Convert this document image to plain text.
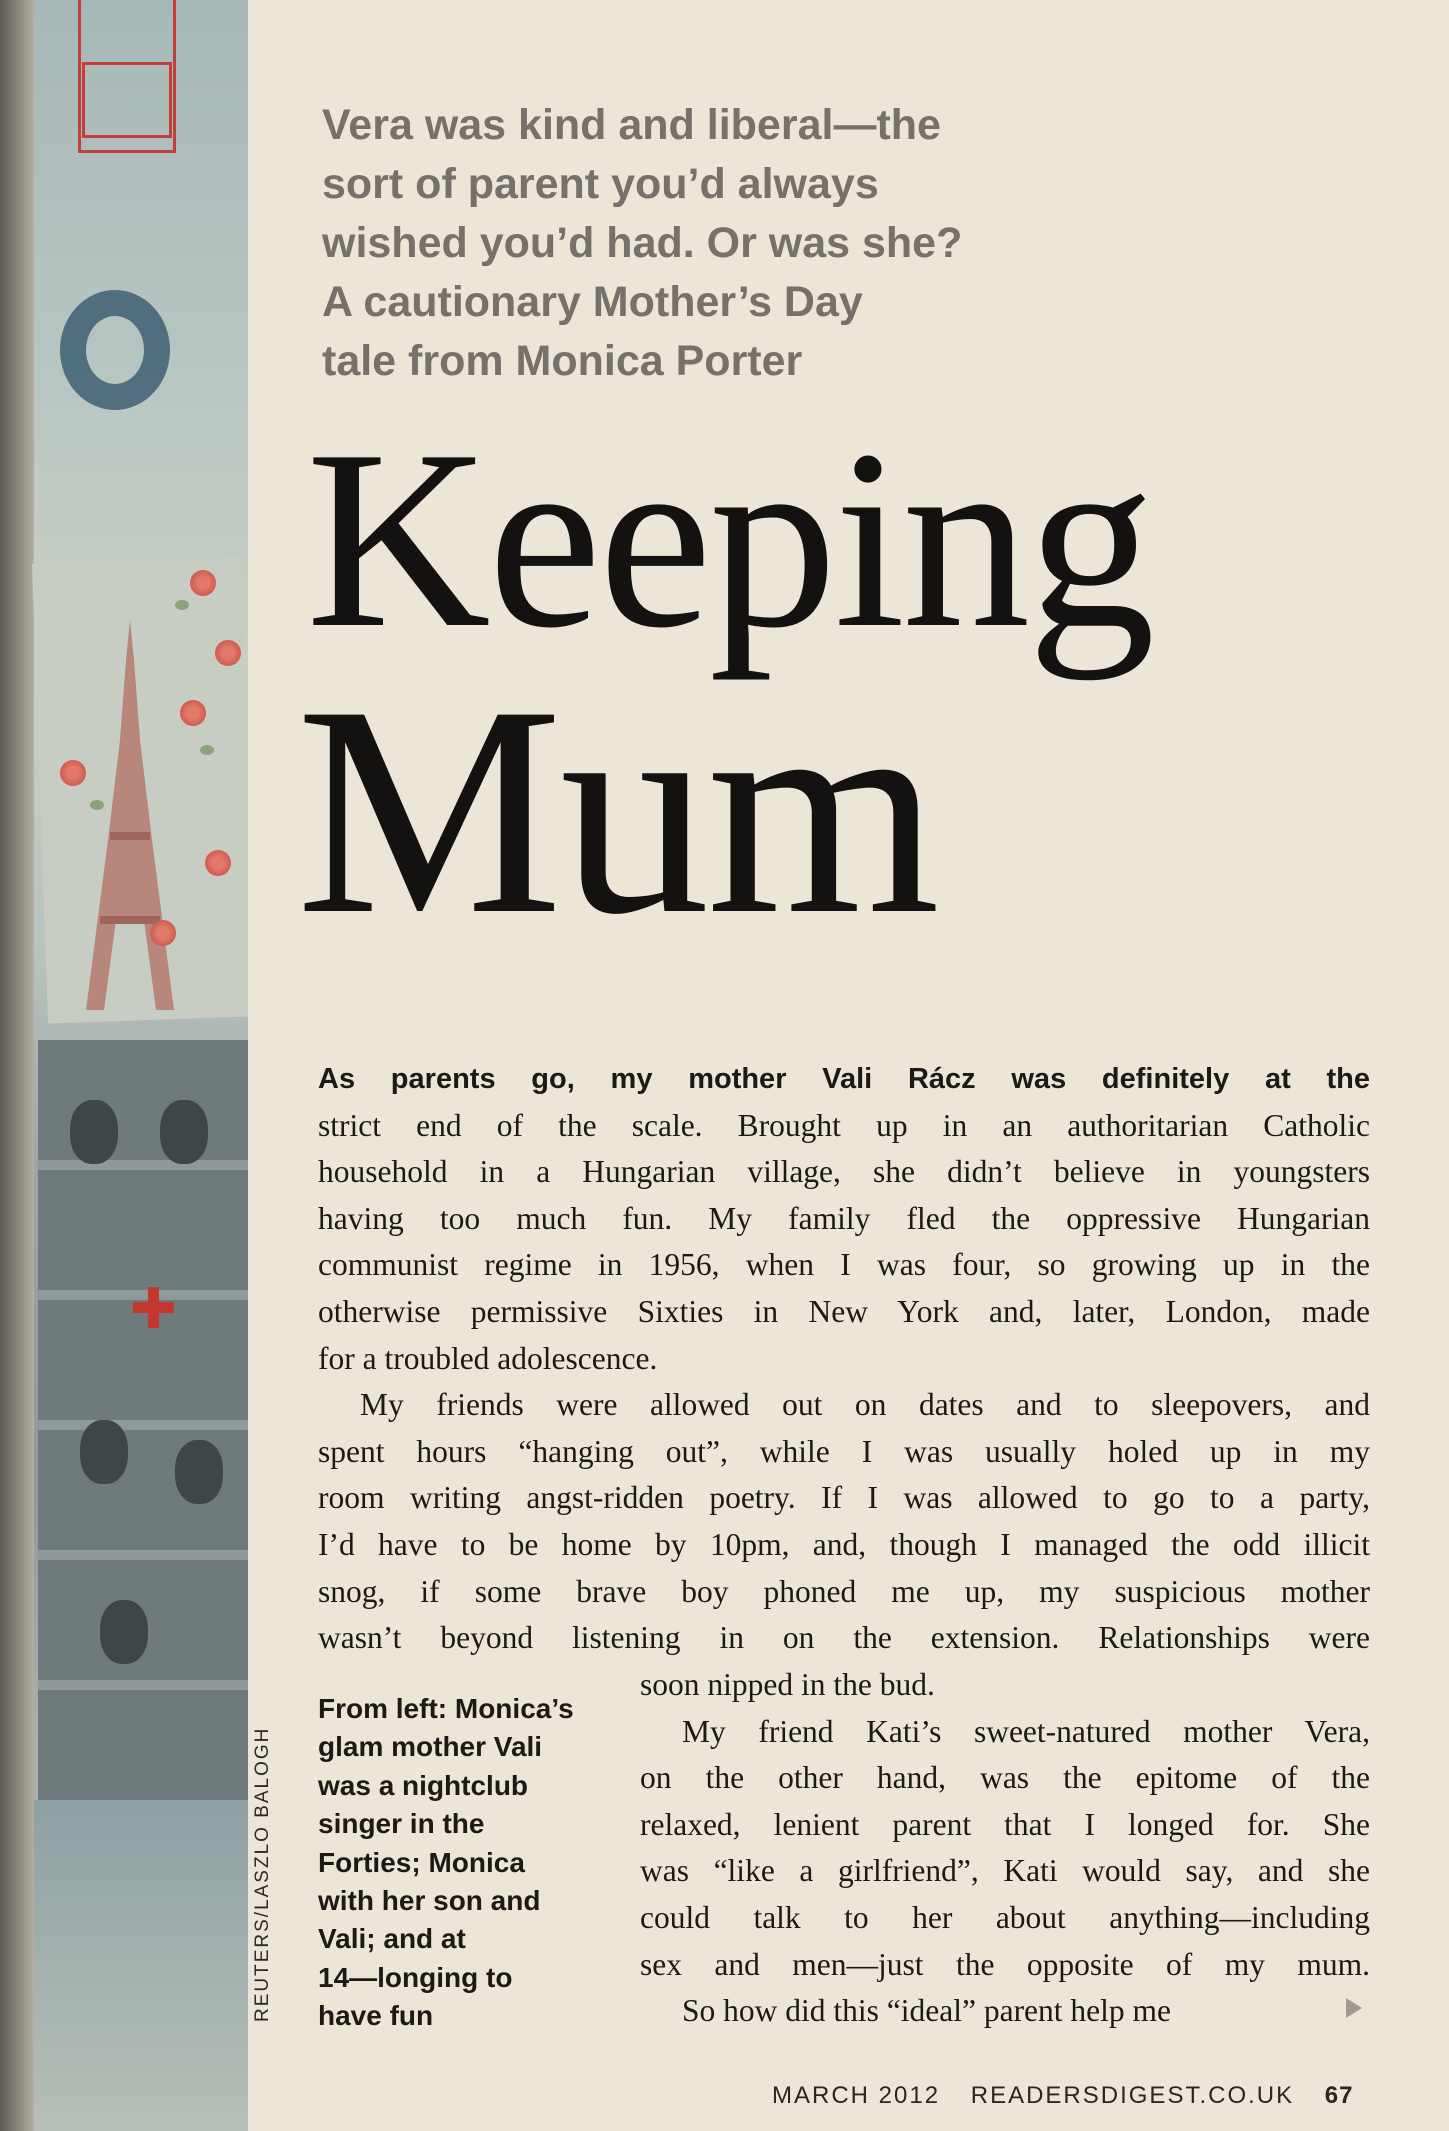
✚
REUTERS/LASZLO BALOGH
Vera was kind and liberal—the
sort of parent you’d always
wished you’d had. Or was she?
A cautionary Mother’s Day
tale from Monica Porter
Keeping
Mum
As parents go, my mother Vali Rácz was definitely at the
strict end of the scale. Brought up in an authoritarian Catholic
household in a Hungarian village, she didn’t believe in youngsters
having too much fun. My family fled the oppressive Hungarian
communist regime in 1956, when I was four, so growing up in the
otherwise permissive Sixties in New York and, later, London, made
for a troubled adolescence.
My friends were allowed out on dates and to sleepovers, and
spent hours “hanging out”, while I was usually holed up in my
room writing angst-ridden poetry. If I was allowed to go to a party,
I’d have to be home by 10pm, and, though I managed the odd illicit
snog, if some brave boy phoned me up, my suspicious mother
wasn’t beyond listening in on the extension. Relationships were
soon nipped in the bud.
My friend Kati’s sweet-natured mother Vera,
on the other hand, was the epitome of the
relaxed, lenient parent that I longed for. She
was “like a girlfriend”, Kati would say, and she
could talk to her about anything—including
sex and men—just the opposite of my mum.
So how did this “ideal” parent help me
From left: Monica’s
glam mother Vali
was a nightclub
singer in the
Forties; Monica
with her son and
Vali; and at
14—longing to
have fun
MARCH 2012 READERSDIGEST.CO.UK 67
